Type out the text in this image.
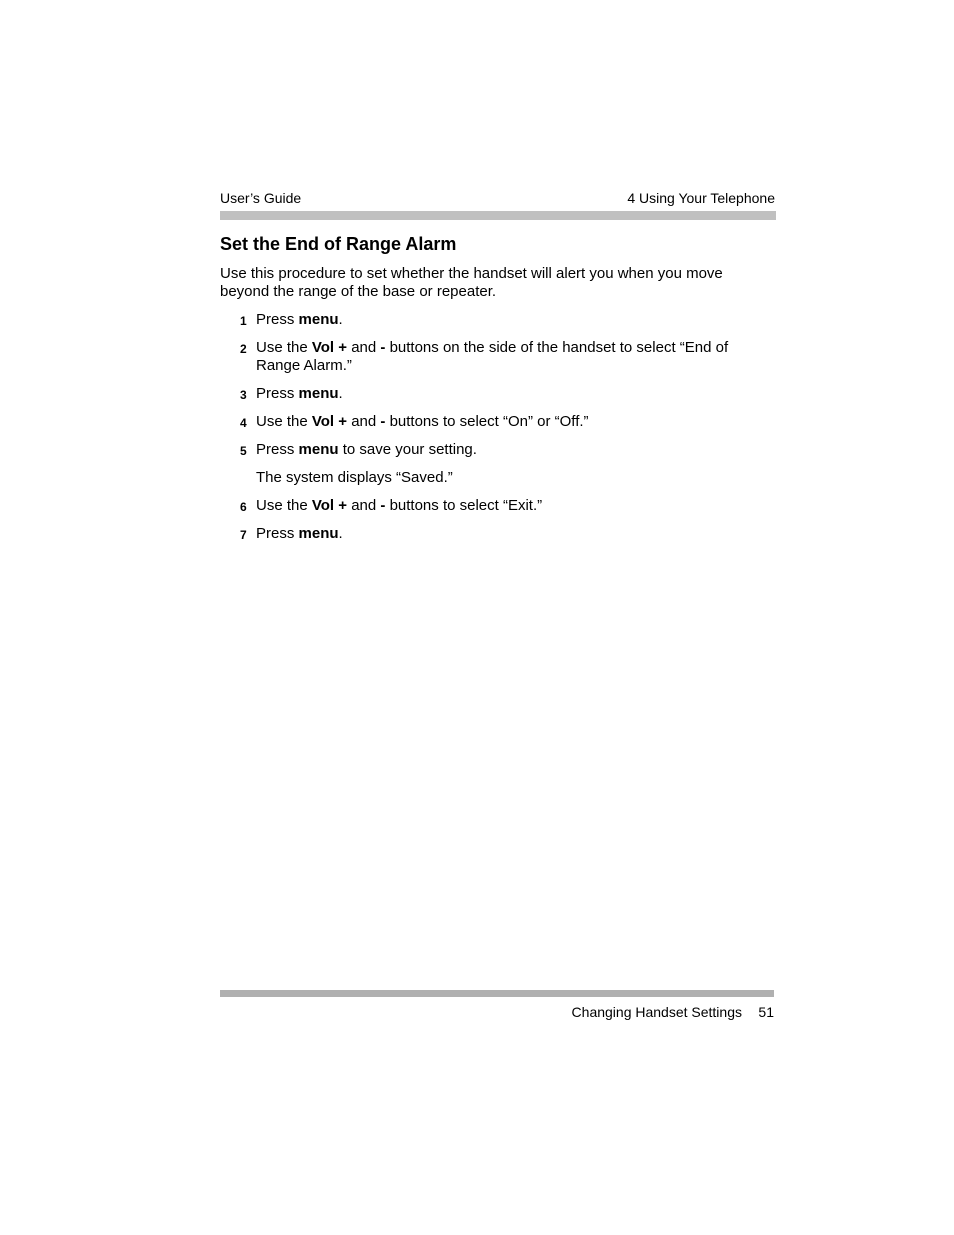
User’s Guide	4 Using Your Telephone
Set the End of Range Alarm

Use this procedure to set whether the handset will alert you when you move beyond the range of the base or repeater.

1 Press menu.
2 Use the Vol + and - buttons on the side of the handset to select “End of Range Alarm.”
3 Press menu.
4 Use the Vol + and - buttons to select “On” or “Off.”
5 Press menu to save your setting.
The system displays “Saved.”
6 Use the Vol + and - buttons to select “Exit.”
7 Press menu.
Changing Handset Settings 51
